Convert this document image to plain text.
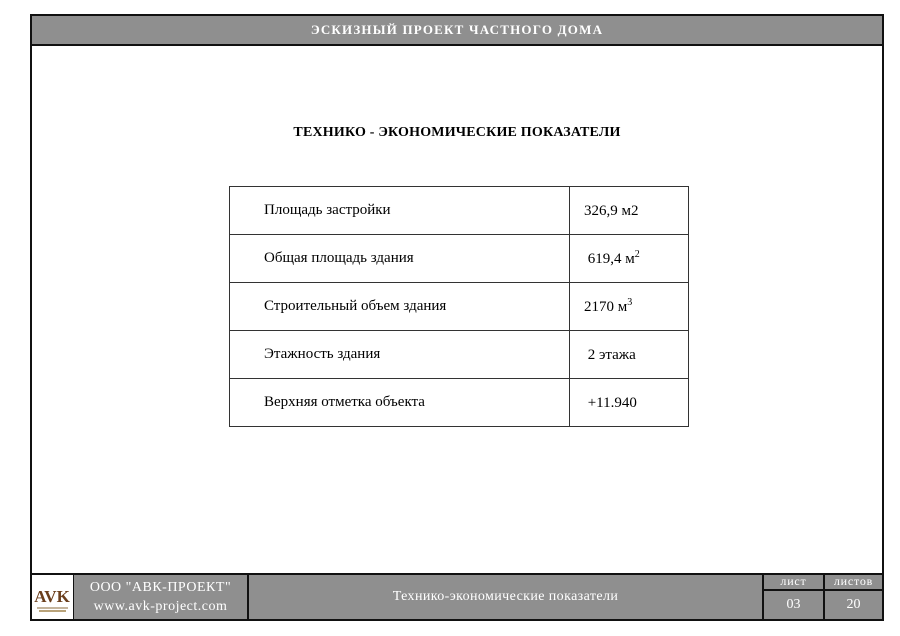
ЭСКИЗНЫЙ ПРОЕКТ ЧАСТНОГО ДОМА
ТЕХНИКО - ЭКОНОМИЧЕСКИЕ ПОКАЗАТЕЛИ
Площадь застройки	326,9 м2
Общая площадь здания	619,4 $м^2$
Строительный объем здания	2170 $м^3$
Этажность здания	2 этажа
Верхняя отметка объекта	+11.940
AVK	ООО "АВК-ПРОЕКТ"
www.avk-project.com
Технико-экономические показатели
лист
03
листов
20
